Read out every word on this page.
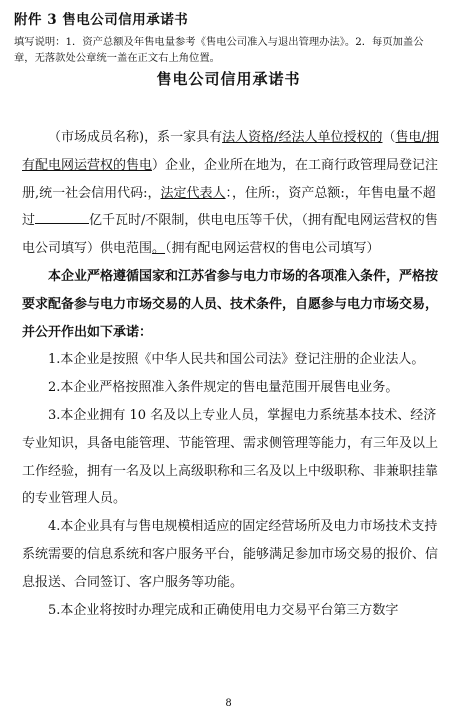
附件 3 售电公司信用承诺书
填写说明：1．资产总额及年售电量参考《售电公司准入与退出管理办法》。2．每页加盖公章，无落款处公章统一盖在正文右上角位置。
售电公司信用承诺书

（市场成员名称)，系一家具有法人资格/经法人单位授权的（售电/拥有配电网运营权的售电）企业，企业所在地为，在工商行政管理局登记注册,统一社会信用代码:，法定代表人：，住所:，资产总额:，年售电量不超过	亿千瓦时/不限制，供电电压等千伏，（拥有配电网运营权的售电公司填写）供电范围。（拥有配电网运营权的售电公司填写）

本企业严格遵循国家和江苏省参与电力市场的各项准入条件，严格按要求配备参与电力市场交易的人员、技术条件，自愿参与电力市场交易，并公开作出如下承诺：

1.本企业是按照《中华人民共和国公司法》登记注册的企业法人。

2.本企业严格按照准入条件规定的售电量范围开展售电业务。

3.本企业拥有 10 名及以上专业人员，掌握电力系统基本技术、经济专业知识，具备电能管理、节能管理、需求侧管理等能力，有三年及以上工作经验，拥有一名及以上高级职称和三名及以上中级职称、非兼职挂靠的专业管理人员。

4.本企业具有与售电规模相适应的固定经营场所及电力市场技术支持系统需要的信息系统和客户服务平台，能够满足参加市场交易的报价、信息报送、合同签订、客户服务等功能。

5.本企业将按时办理完成和正确使用电力交易平台第三方数字

8
